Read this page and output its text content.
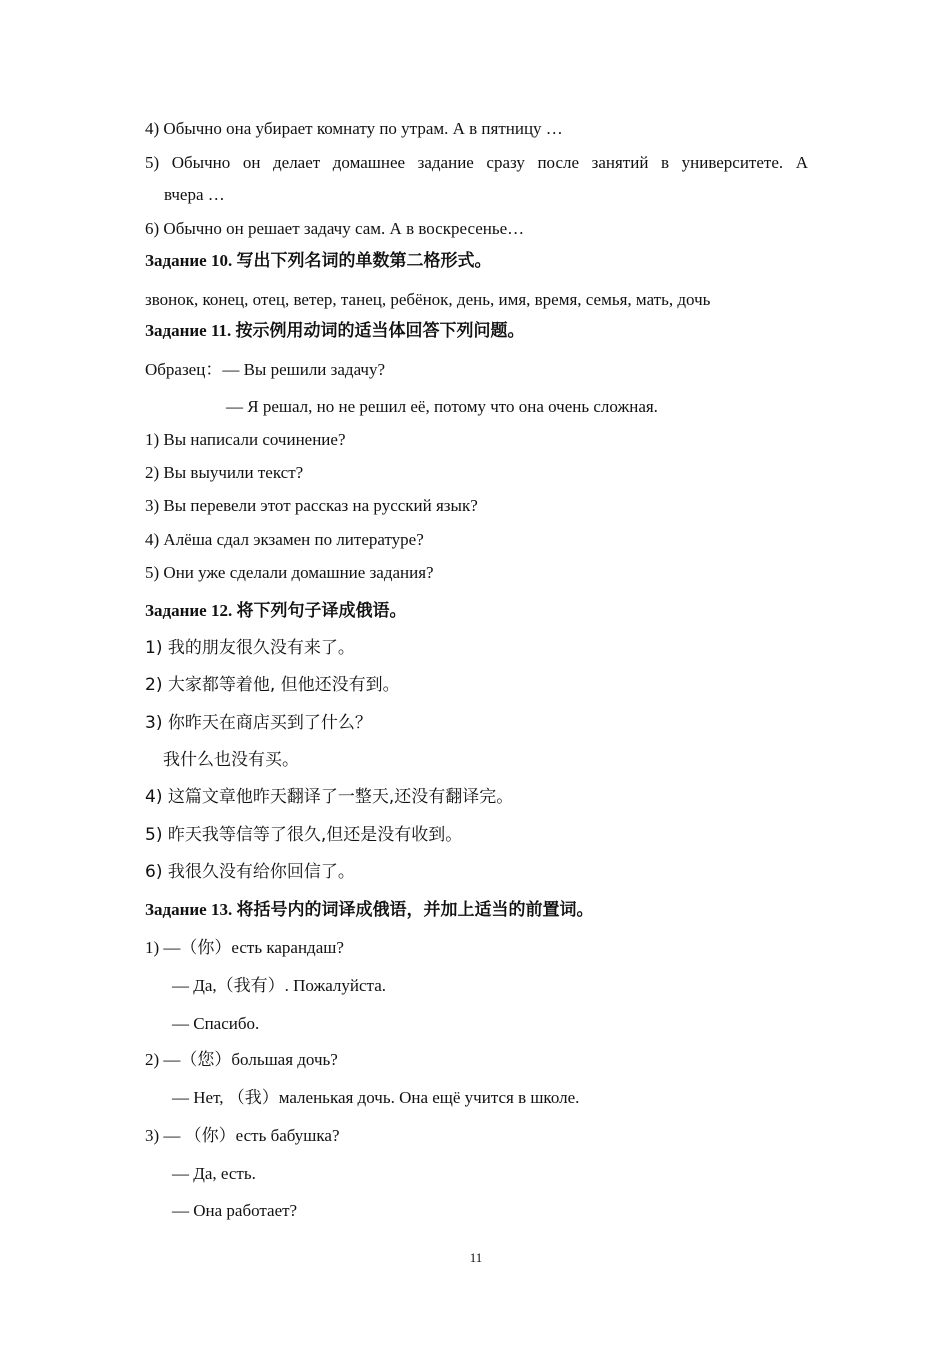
4) Обычно она убирает комнату по утрам. А в пятницу …
5) Обычно он делает домашнее задание сразу после занятий в университете. А
вчера …
6) Обычно он решает задачу сам. А в воскресенье…
Задание 10. 写出下列名词的单数第二格形式。
звонок, конец, отец, ветер, танец, ребёнок, день, имя, время, семья, мать, дочь
Задание 11. 按示例用动词的适当体回答下列问题。
Образец：— Вы решили задачу?
— Я решал, но не решил её, потому что она очень сложная.
1) Вы написали сочинение?
2) Вы выучили текст?
3) Вы перевели этот рассказ на русский язык?
4) Алёша сдал экзамен по литературе?
5) Они уже сделали домашние задания?
Задание 12. 将下列句子译成俄语。
1) 我的朋友很久没有来了。
2) 大家都等着他, 但他还没有到。
3) 你昨天在商店买到了什么？
我什么也没有买。
4) 这篇文章他昨天翻译了一整天,还没有翻译完。
5) 昨天我等信等了很久,但还是没有收到。
6) 我很久没有给你回信了。
Задание 13. 将括号内的词译成俄语，并加上适当的前置词。
1) —（你）есть карандаш?
— Да,（我有）. Пожалуйста.
— Спасибо.
2) —（您）большая дочь?
— Нет, （我）маленькая дочь. Она ещё учится в школе.
3) — （你）есть бабушка?
— Да, есть.
— Она работает?
11
